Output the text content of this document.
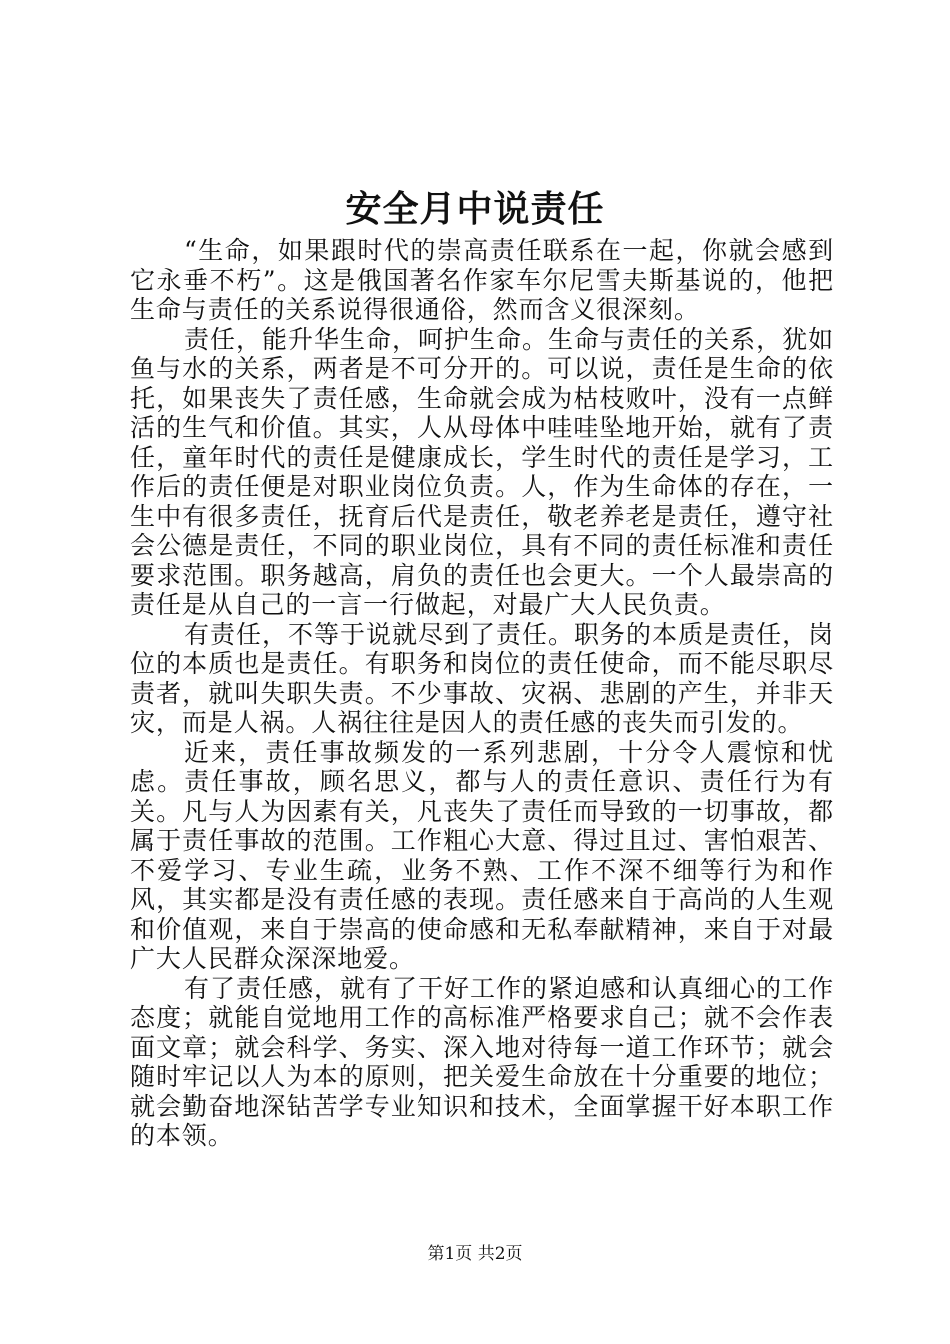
安全月中说责任

“生命，如果跟时代的崇高责任联系在一起，你就会感到它永垂不朽”。这是俄国著名作家车尔尼雪夫斯基说的，他把生命与责任的关系说得很通俗，然而含义很深刻。

责任，能升华生命，呵护生命。生命与责任的关系，犹如鱼与水的关系，两者是不可分开的。可以说，责任是生命的依托，如果丧失了责任感，生命就会成为枯枝败叶，没有一点鲜活的生气和价值。其实，人从母体中哇哇坠地开始，就有了责任，童年时代的责任是健康成长，学生时代的责任是学习，工作后的责任便是对职业岗位负责。人，作为生命体的存在，一生中有很多责任，抚育后代是责任，敬老养老是责任，遵守社会公德是责任，不同的职业岗位，具有不同的责任标准和责任要求范围。职务越高，肩负的责任也会更大。一个人最崇高的责任是从自己的一言一行做起，对最广大人民负责。

有责任，不等于说就尽到了责任。职务的本质是责任，岗位的本质也是责任。有职务和岗位的责任使命，而不能尽职尽责者，就叫失职失责。不少事故、灾祸、悲剧的产生，并非天灾，而是人祸。人祸往往是因人的责任感的丧失而引发的。

近来，责任事故频发的一系列悲剧，十分令人震惊和忧虑。责任事故，顾名思义，都与人的责任意识、责任行为有关。凡与人为因素有关，凡丧失了责任而导致的一切事故，都属于责任事故的范围。工作粗心大意、得过且过、害怕艰苦、不爱学习、专业生疏，业务不熟、工作不深不细等行为和作风，其实都是没有责任感的表现。责任感来自于高尚的人生观和价值观，来自于崇高的使命感和无私奉献精神，来自于对最广大人民群众深深地爱。

有了责任感，就有了干好工作的紧迫感和认真细心的工作态度；就能自觉地用工作的高标准严格要求自己；就不会作表面文章；就会科学、务实、深入地对待每一道工作环节；就会随时牢记以人为本的原则，把关爱生命放在十分重要的地位；就会勤奋地深钻苦学专业知识和技术，全面掌握干好本职工作的本领。

第1页 共2页
